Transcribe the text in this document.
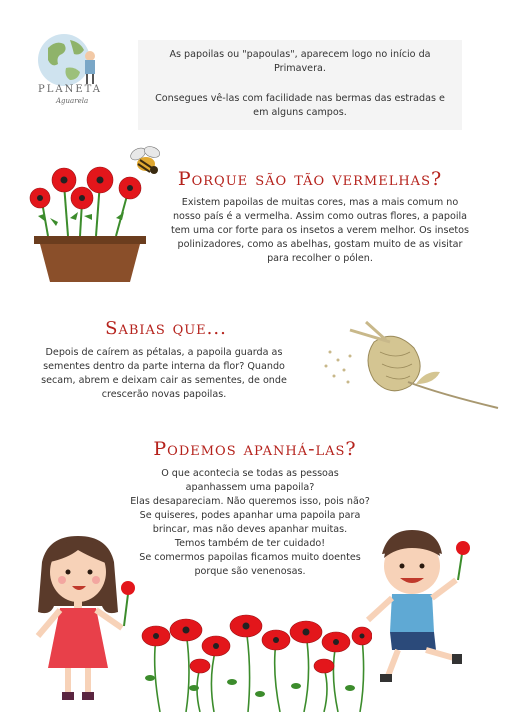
PLANETA
Aguarela
As papoilas ou "papoulas", aparecem logo no início da Primavera.
Consegues vê-las com facilidade nas bermas das estradas e em alguns campos.
Porque são tão vermelhas?
Existem papoilas de muitas cores, mas a mais comum no nosso país é a vermelha. Assim como outras flores, a papoila tem uma cor forte para os insetos a verem melhor. Os insetos polinizadores, como as abelhas, gostam muito de as visitar para recolher o pólen.
Sabias que...
Depois de caírem as pétalas, a papoila guarda as sementes dentro da parte interna da flor? Quando secam, abrem e deixam cair as sementes, de onde crescerão novas papoilas.
Podemos apanhá-las?
O que acontecia se todas as pessoas
apanhassem uma papoila?
Elas desapareciam. Não queremos isso, pois não?
Se quiseres, podes apanhar uma papoila para
brincar, mas não deves apanhar muitas.
Temos também de ter cuidado!
Se comermos papoilas ficamos muito doentes
porque são venenosas.
